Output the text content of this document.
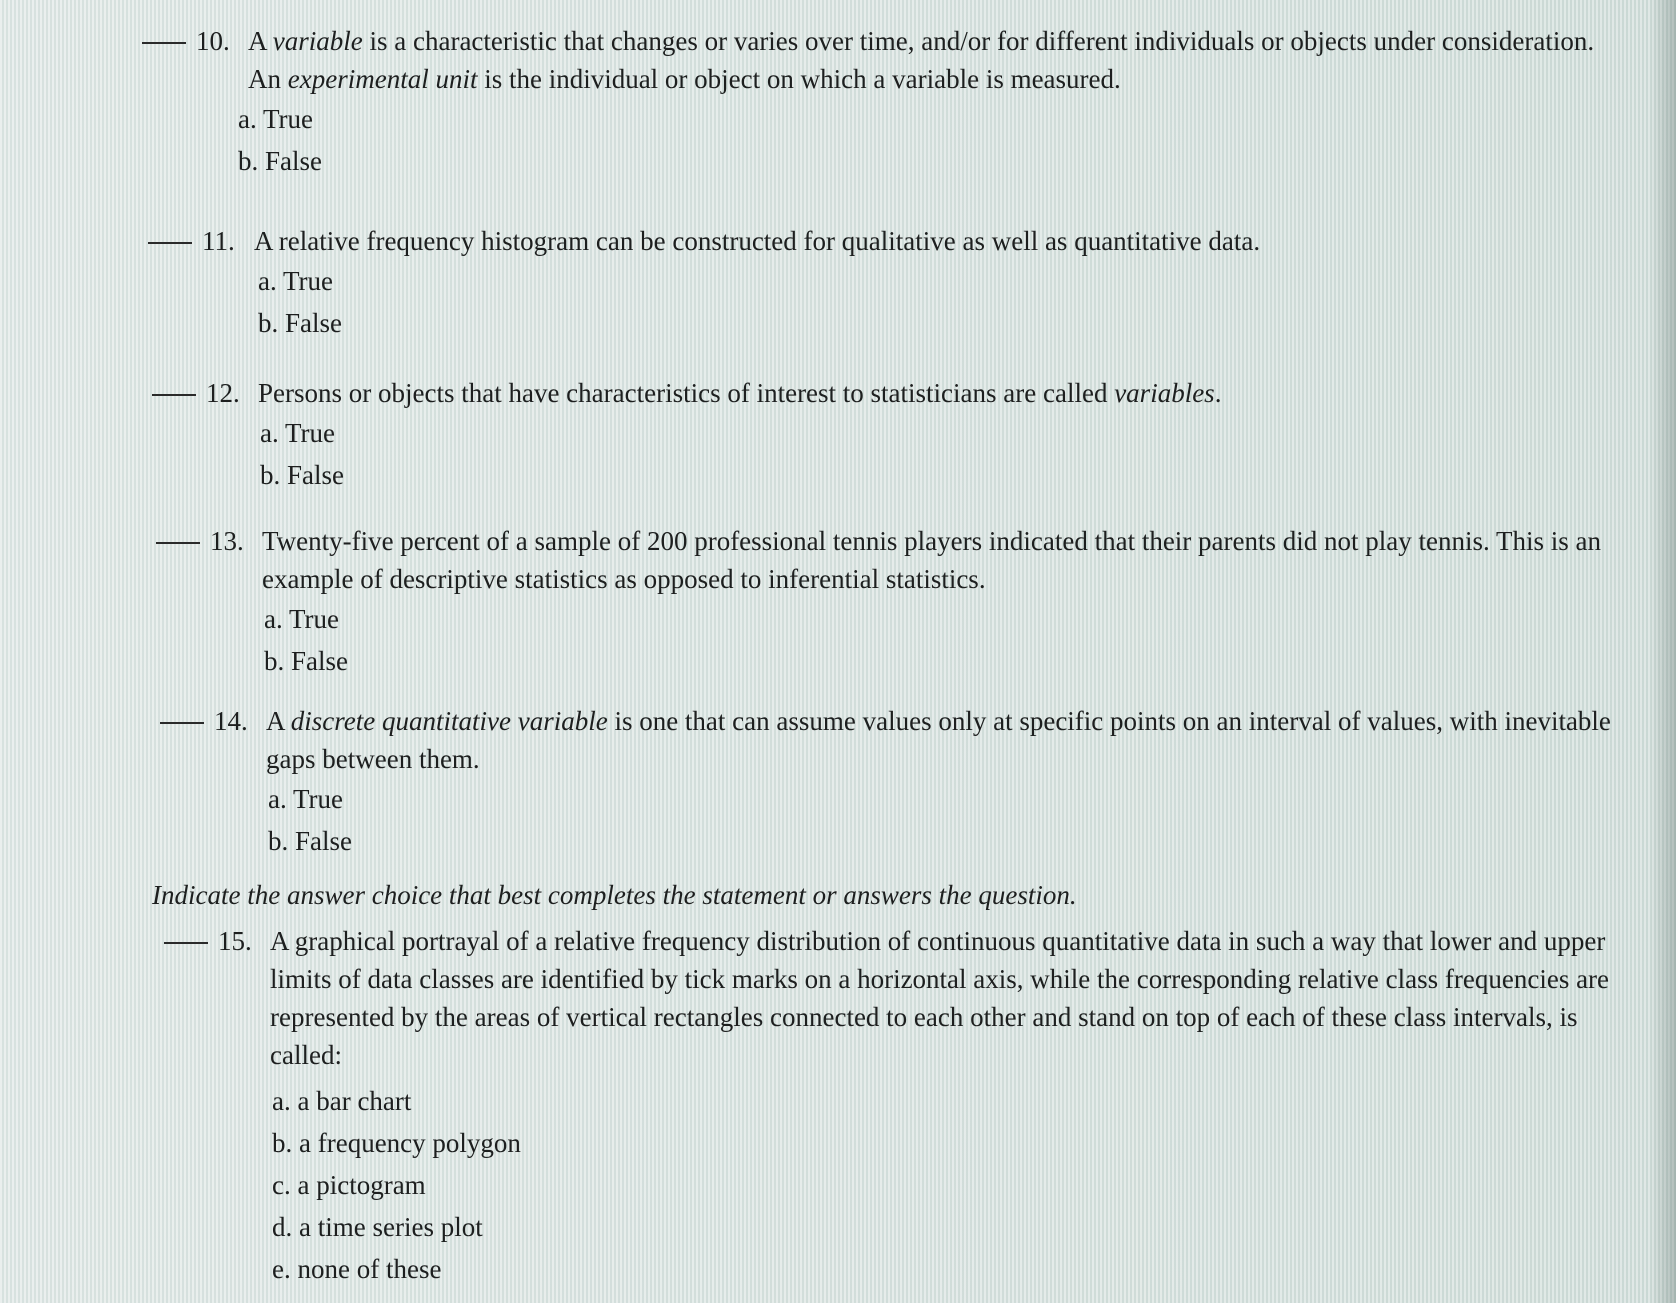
10. A variable is a characteristic that changes or varies over time, and/or for different individuals or objects under consideration. An experimental unit is the individual or object on which a variable is measured.
a. True
b. False
11. A relative frequency histogram can be constructed for qualitative as well as quantitative data.
a. True
b. False
12. Persons or objects that have characteristics of interest to statisticians are called variables.
a. True
b. False
13. Twenty-five percent of a sample of 200 professional tennis players indicated that their parents did not play tennis. This is an example of descriptive statistics as opposed to inferential statistics.
a. True
b. False
14. A discrete quantitative variable is one that can assume values only at specific points on an interval of values, with inevitable gaps between them.
a. True
b. False
Indicate the answer choice that best completes the statement or answers the question.
15. A graphical portrayal of a relative frequency distribution of continuous quantitative data in such a way that lower and upper limits of data classes are identified by tick marks on a horizontal axis, while the corresponding relative class frequencies are represented by the areas of vertical rectangles connected to each other and stand on top of each of these class intervals, is called:
a. a bar chart
b. a frequency polygon
c. a pictogram
d. a time series plot
e. none of these
